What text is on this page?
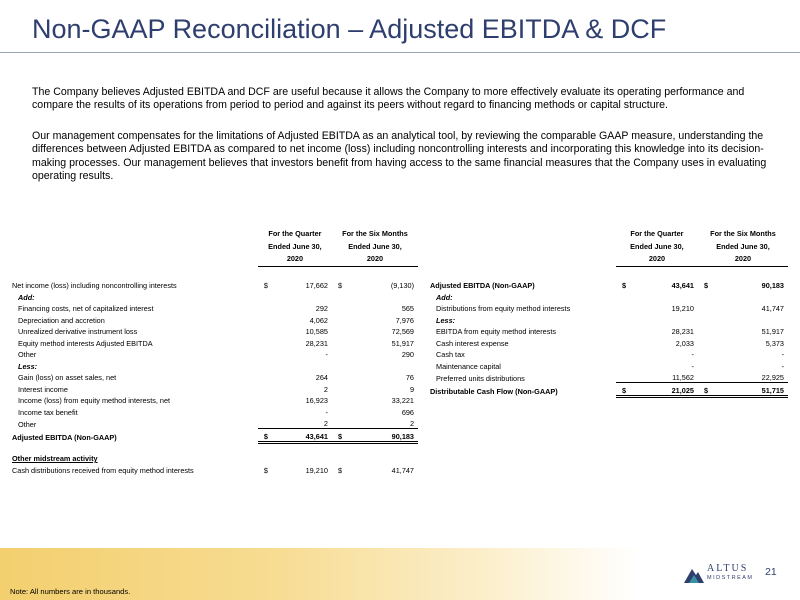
Non-GAAP Reconciliation – Adjusted EBITDA & DCF
The Company believes Adjusted EBITDA and DCF are useful because it allows the Company to more effectively evaluate its operating performance and compare the results of its operations from period to period and against its peers without regard to financing methods or capital structure.
Our management compensates for the limitations of Adjusted EBITDA as an analytical tool, by reviewing the comparable GAAP measure, understanding the differences between Adjusted EBITDA as compared to net income (loss) including noncontrolling interests and incorporating this knowledge into its decision-making processes. Our management believes that investors benefit from having access to the same financial measures that the Company uses in evaluating operating results.
	For the Quarter
Ended June 30,		For the Six Months
Ended June 30,	
	2020		2020	

Net income (loss) including noncontrolling interests	$	17,662	$	(9,130)
Add:				
Financing costs, net of capitalized interest		292		565
Depreciation and accretion		4,062		7,976
Unrealized derivative instrument loss		10,585		72,569
Equity method interests Adjusted EBITDA		28,231		51,917
Other		-		290
Less:				
Gain (loss) on asset sales, net		264		76
Interest income		2		9
Income (loss) from equity method interests, net		16,923		33,221
Income tax benefit		-		696
Other		2		2
Adjusted EBITDA (Non-GAAP)	$	43,641	$	90,183

Other midstream activity				
Cash distributions received from equity method interests	$	19,210	$	41,747
	For the Quarter
Ended June 30,		For the Six Months
Ended June 30,	
	2020		2020	

Adjusted EBITDA (Non-GAAP)	$	43,641	$	90,183
Add:				
Distributions from equity method interests		19,210		41,747
Less:				
EBITDA from equity method interests		28,231		51,917
Cash interest expense		2,033		5,373
Cash tax		-		-
Maintenance capital		-		-
Preferred units distributions		11,562		22,925
Distributable Cash Flow (Non-GAAP)	$	21,025	$	51,715
Note: All numbers are in thousands.
ALTUS
MIDSTREAM 21
